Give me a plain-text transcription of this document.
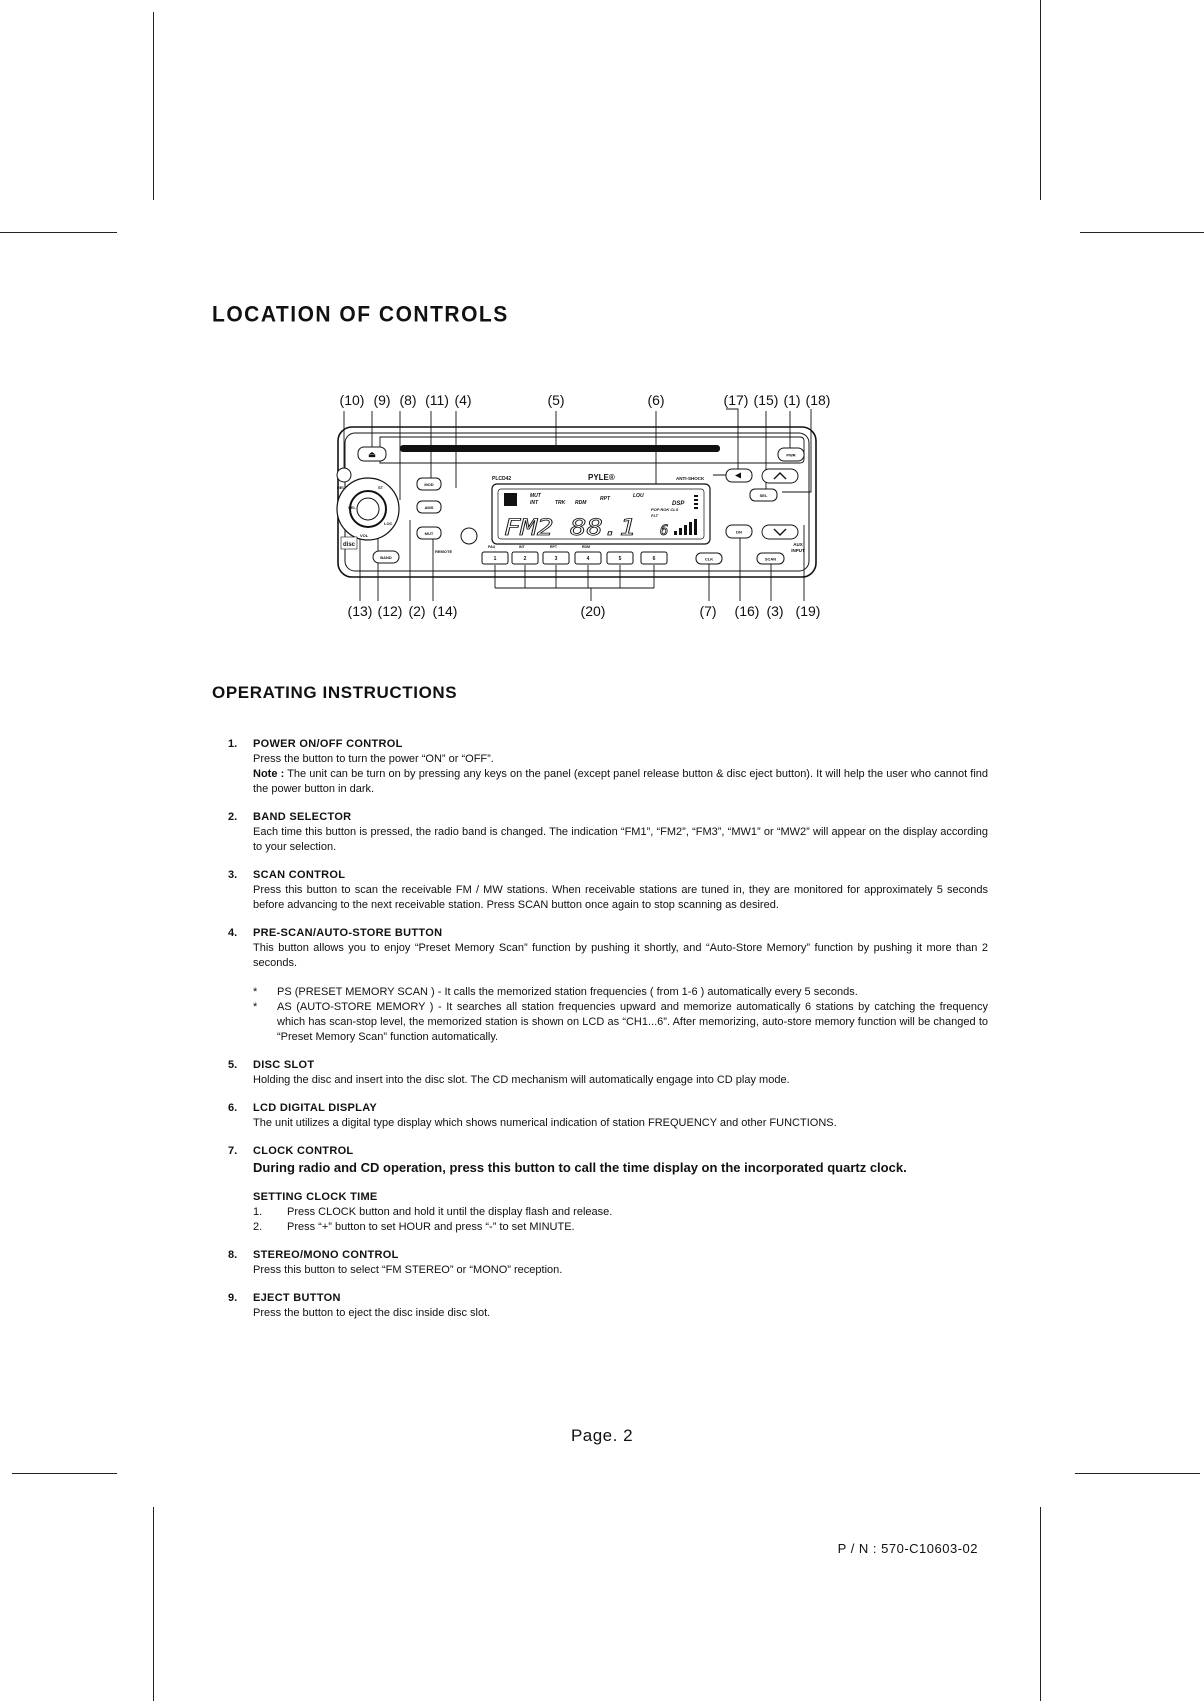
LOCATION OF CONTROLS
(10) (9) (8) (11) (4)	(5)	(6)	(17) (15) (1) (18)
(13) (12) (2) (14)	(20)	(7) (16) (3) (19)
REL
⏏
ST
SEL
LOC
VOL
disc
BAND
MOD
AMS
MUT
REMOTE
PLCD42	PYLE®	ANTI-SHOCK
MUT
INT	TRK RDM
RPT	LOU
DSP
POP ROK CLS
FLT
FM2 88.1 6
PAU	INT	RPT	RDM
1	2	3	4	5	6	CLK	SCAN
PWR
SEL
DN
AUX
INPUT
OPERATING INSTRUCTIONS
1. POWER ON/OFF CONTROL
Press the button to turn the power “ON” or “OFF”.
Note : The unit can be turn on by pressing any keys on the panel (except panel release button & disc eject button). It will help the user who cannot find the power button in dark.
2. BAND SELECTOR
Each time this button is pressed, the radio band is changed. The indication “FM1”, “FM2”, “FM3”, “MW1” or “MW2” will appear on the display according to your selection.
3. SCAN CONTROL
Press this button to scan the receivable FM / MW stations. When receivable stations are tuned in, they are monitored for approximately 5 seconds before advancing to the next receivable station. Press SCAN button once again to stop scanning as desired.
4. PRE-SCAN/AUTO-STORE BUTTON
This button allows you to enjoy “Preset Memory Scan” function by pushing it shortly, and “Auto-Store Memory” function by pushing it more than 2 seconds.
* PS (PRESET MEMORY SCAN ) - It calls the memorized station frequencies ( from 1-6 ) automatically every 5 seconds.
* AS (AUTO-STORE MEMORY ) - It searches all station frequencies upward and memorize automatically 6 stations by catching the frequency which has scan-stop level, the memorized station is shown on LCD as “CH1...6”. After memorizing, auto-store memory function will be changed to “Preset Memory Scan” function automatically.
5. DISC SLOT
Holding the disc and insert into the disc slot. The CD mechanism will automatically engage into CD play mode.
6. LCD DIGITAL DISPLAY
The unit utilizes a digital type display which shows numerical indication of station FREQUENCY and other FUNCTIONS.
7. CLOCK CONTROL
During radio and CD operation, press this button to call the time display on the incorporated quartz clock.
SETTING CLOCK TIME
1. Press CLOCK button and hold it until the display flash and release.
2. Press “+” button to set HOUR and press “-” to set MINUTE.
8. STEREO/MONO CONTROL
Press this button to select “FM STEREO” or “MONO” reception.
9. EJECT BUTTON
Press the button to eject the disc inside disc slot.
Page. 2
P / N : 570-C10603-02
